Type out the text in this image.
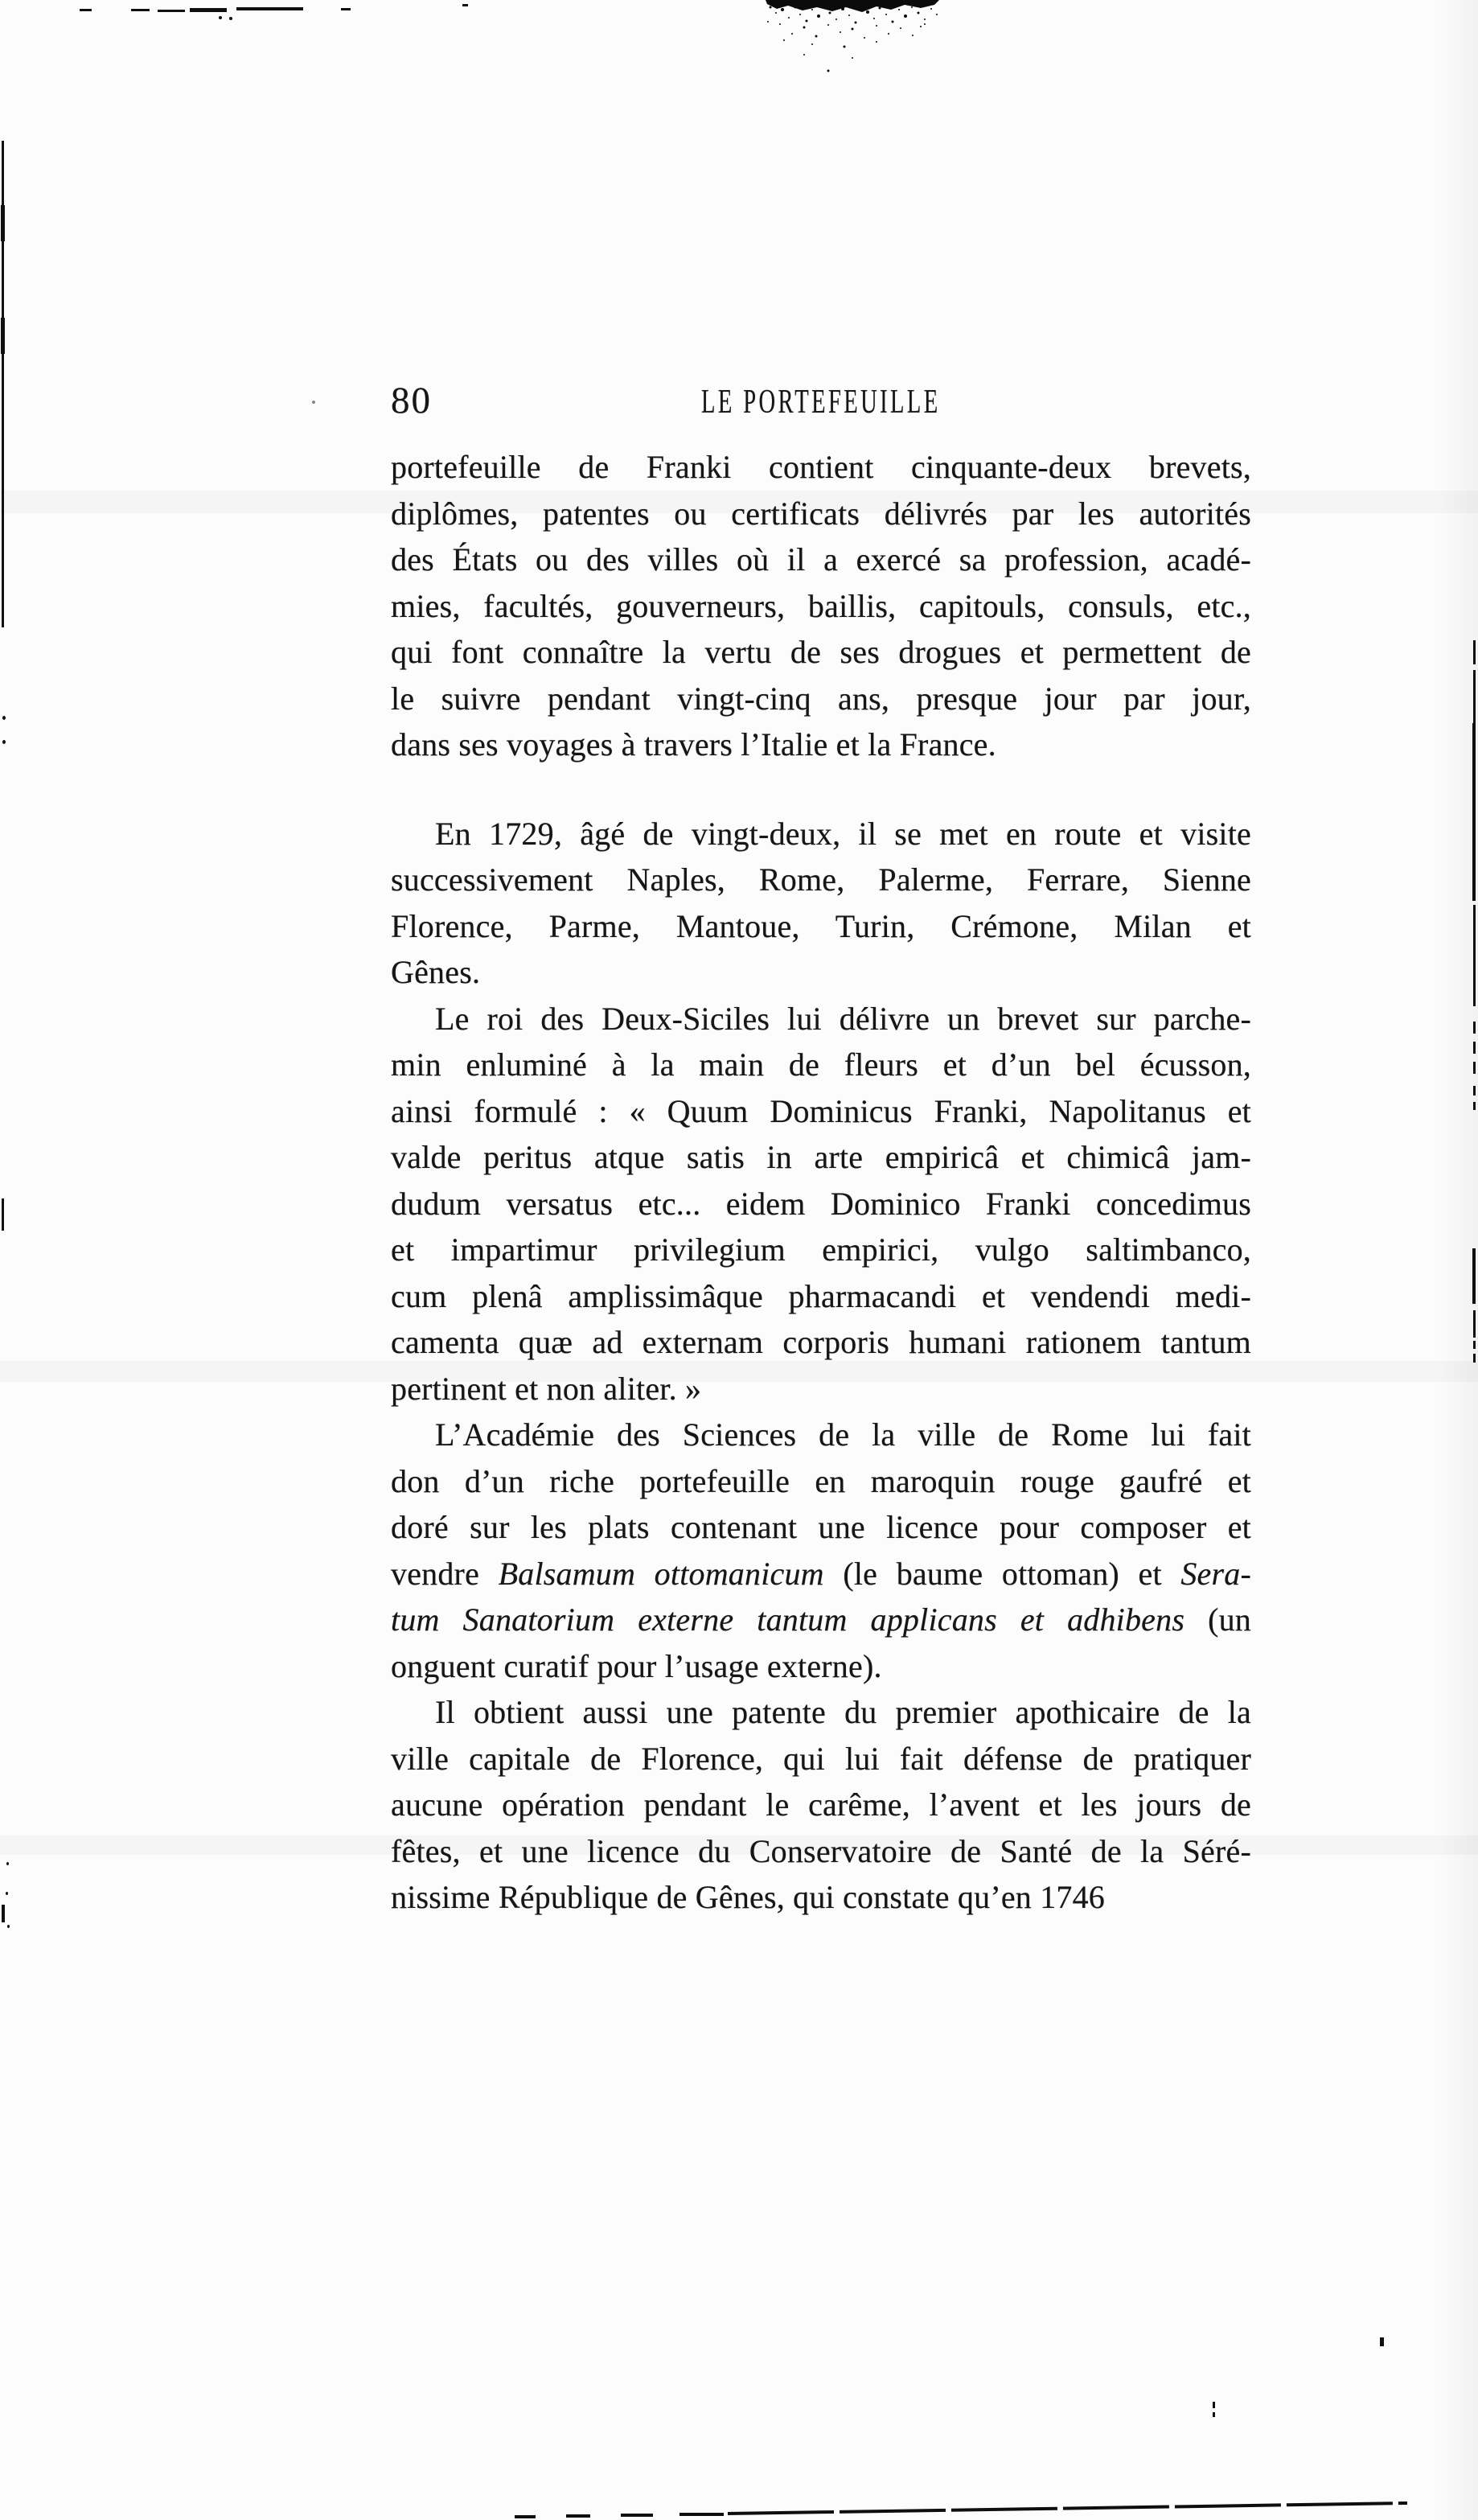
80	LE PORTEFEUILLE
portefeuille de Franki contient cinquante-deux brevets,
diplômes, patentes ou certificats délivrés par les autorités
des États ou des villes où il a exercé sa profession, acadé-
mies, facultés, gouverneurs, baillis, capitouls, consuls, etc.,
qui font connaître la vertu de ses drogues et permettent de
le suivre pendant vingt-cinq ans, presque jour par jour,
dans ses voyages à travers l’Italie et la France.
En 1729, âgé de vingt-deux, il se met en route et visite
successivement Naples, Rome, Palerme, Ferrare, Sienne
Florence, Parme, Mantoue, Turin, Crémone, Milan et
Gênes.
Le roi des Deux-Siciles lui délivre un brevet sur parche-
min enluminé à la main de fleurs et d’un bel écusson,
ainsi formulé : « Quum Dominicus Franki, Napolitanus et
valde peritus atque satis in arte empiricâ et chimicâ jam-
dudum versatus etc... eidem Dominico Franki concedimus
et impartimur privilegium empirici, vulgo saltimbanco,
cum plenâ amplissimâque pharmacandi et vendendi medi-
camenta quæ ad externam corporis humani rationem tantum
pertinent et non aliter. »
L’Académie des Sciences de la ville de Rome lui fait
don d’un riche portefeuille en maroquin rouge gaufré et
doré sur les plats contenant une licence pour composer et
vendre Balsamum ottomanicum (le baume ottoman) et Sera-
tum Sanatorium externe tantum applicans et adhibens (un
onguent curatif pour l’usage externe).
Il obtient aussi une patente du premier apothicaire de la
ville capitale de Florence, qui lui fait défense de pratiquer
aucune opération pendant le carême, l’avent et les jours de
fêtes, et une licence du Conservatoire de Santé de la Séré-
nissime République de Gênes, qui constate qu’en 1746
